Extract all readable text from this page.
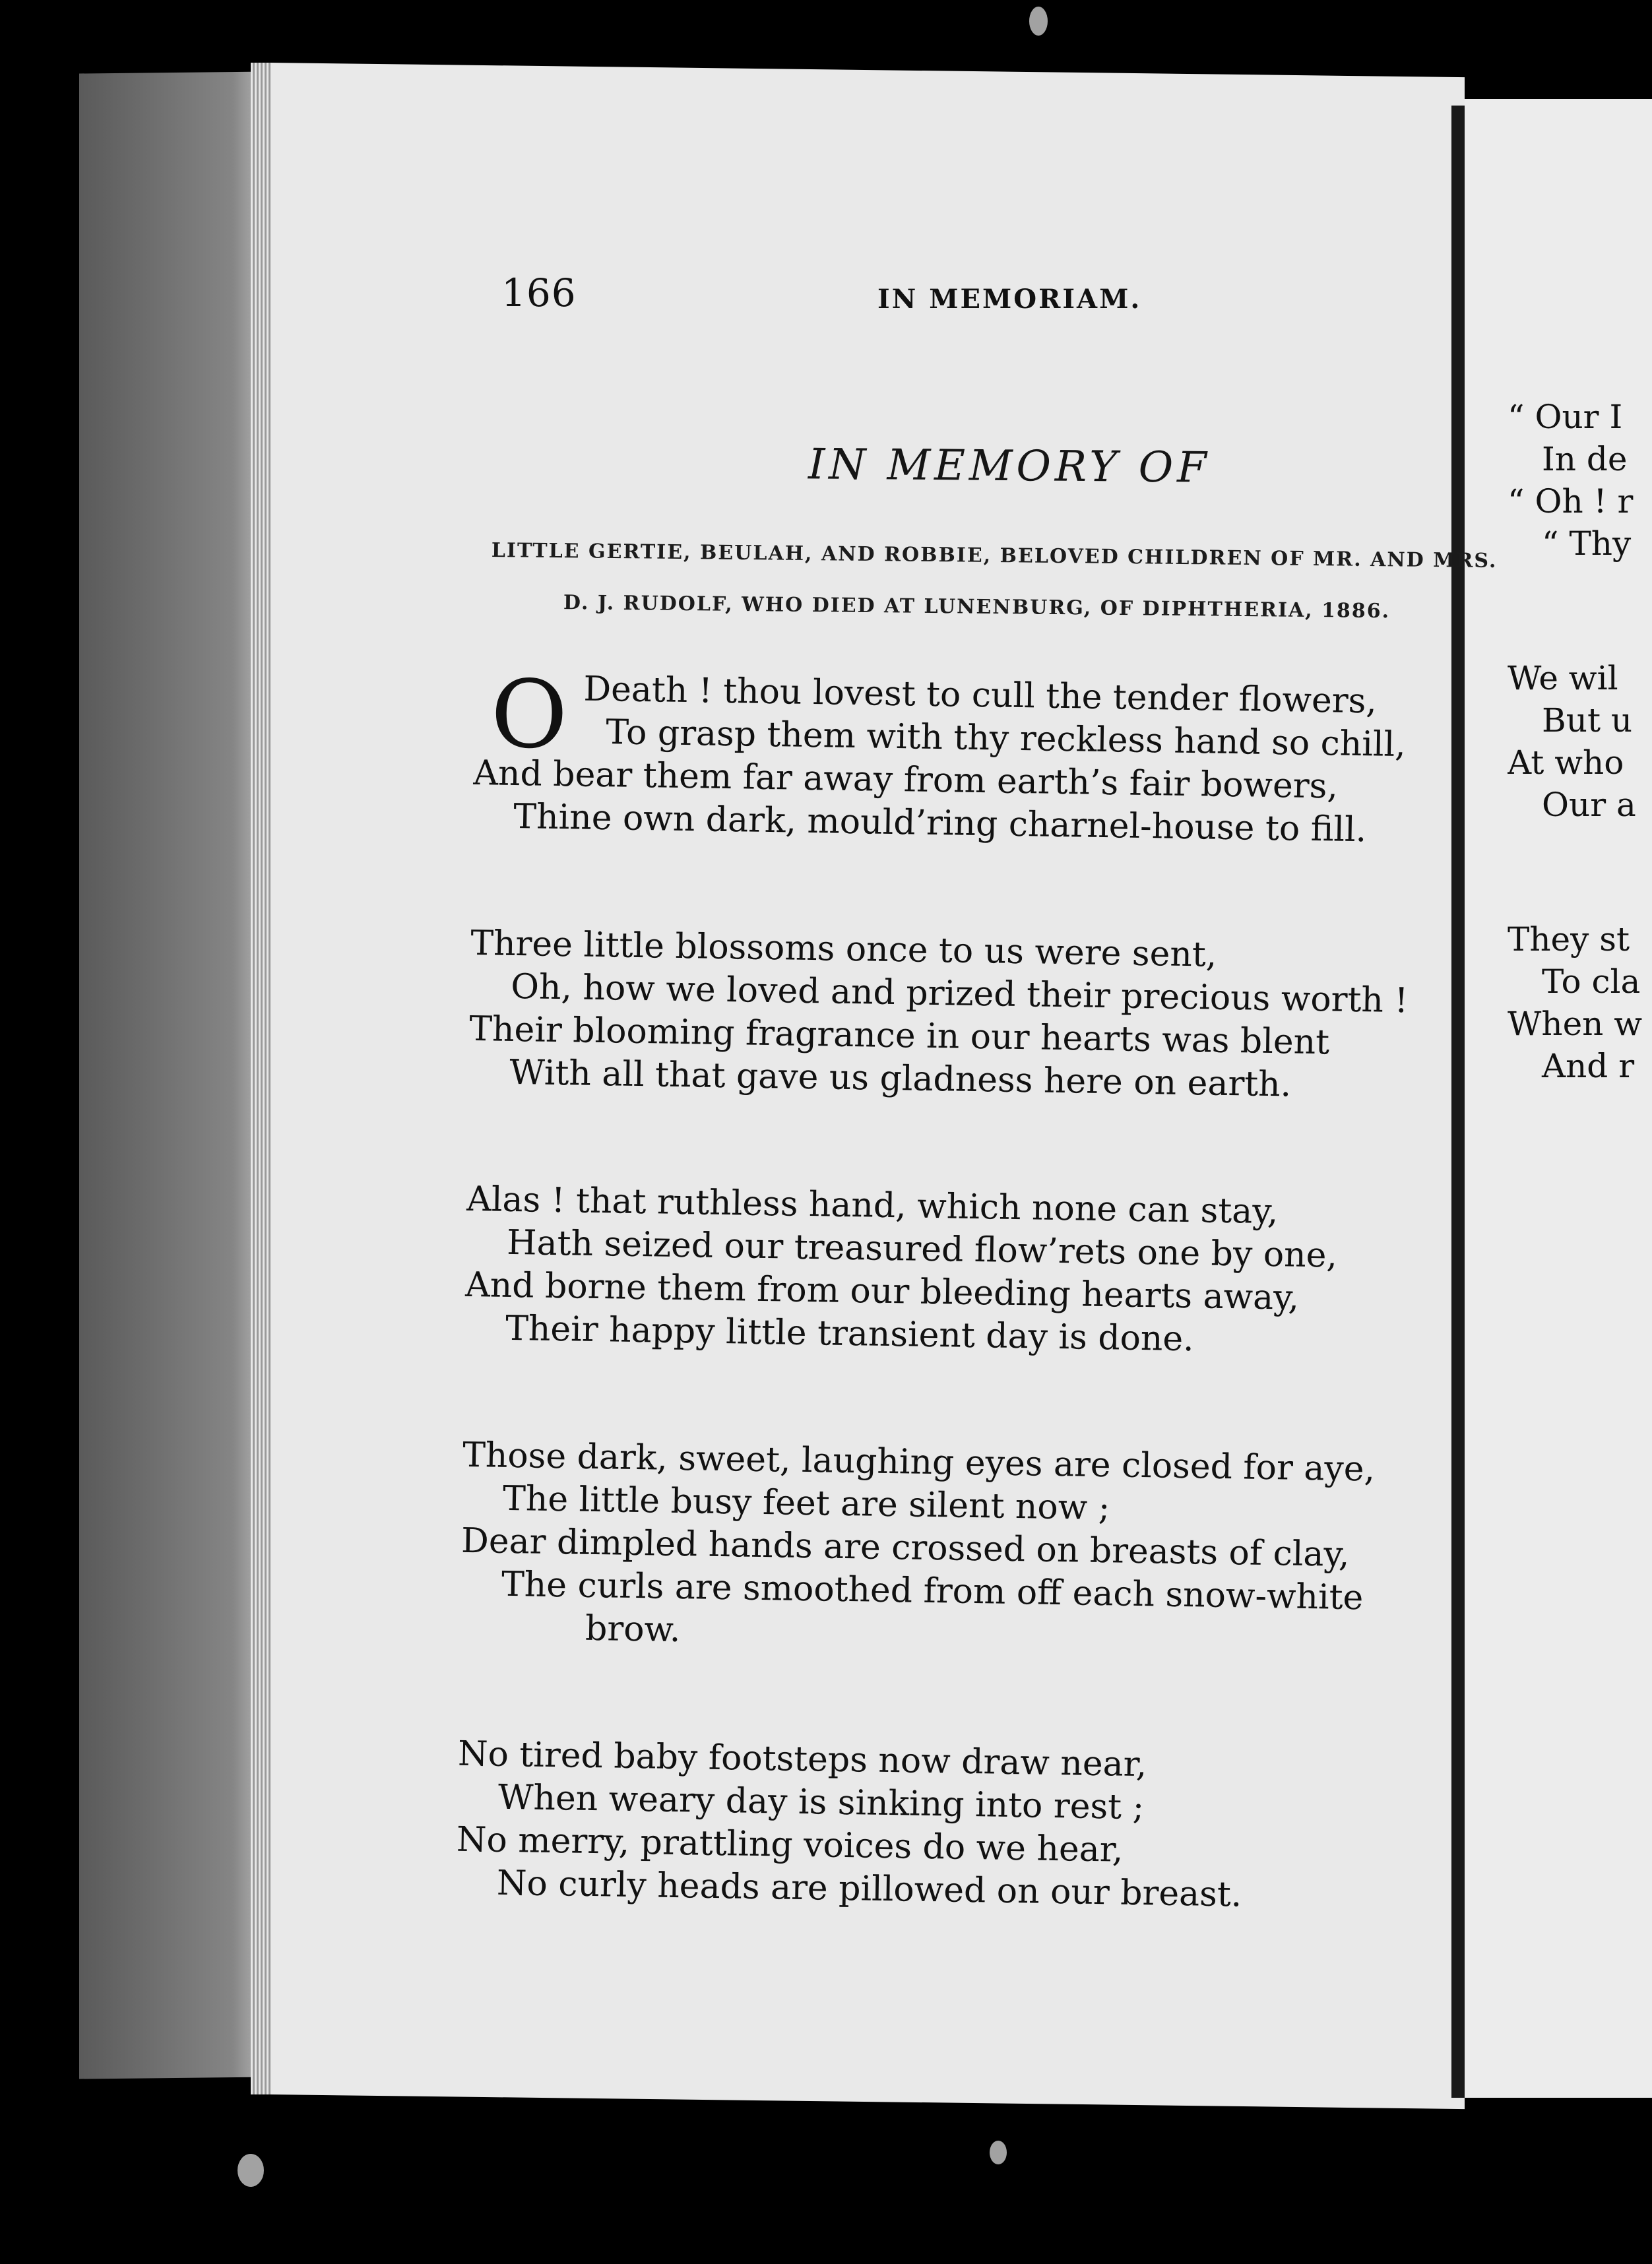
166	IN MEMORIAM.
IN MEMORY OF
LITTLE GERTIE, BEULAH, AND ROBBIE, BELOVED CHILDREN OF MR. AND MRS.
D. J. RUDOLF, WHO DIED AT LUNENBURG, OF DIPHTHERIA, 1886.
O Death ! thou lovest to cull the tender flowers,
To grasp them with thy reckless hand so chill,
And bear them far away from earth’s fair bowers,
Thine own dark, mould’ring charnel-house to fill.
Three little blossoms once to us were sent,
Oh, how we loved and prized their precious worth !
Their blooming fragrance in our hearts was blent
With all that gave us gladness here on earth.
Alas ! that ruthless hand, which none can stay,
Hath seized our treasured flow’rets one by one,
And borne them from our bleeding hearts away,
Their happy little transient day is done.
Those dark, sweet, laughing eyes are closed for aye,
The little busy feet are silent now ;
Dear dimpled hands are crossed on breasts of clay,
The curls are smoothed from off each snow-white
brow.
No tired baby footsteps now draw near,
When weary day is sinking into rest ;
No merry, prattling voices do we hear,
No curly heads are pillowed on our breast.
“ Our I
In de
“ Oh ! r
“ Thy
We wil
But u
At who
Our a
They st
To cla
When w
And r
